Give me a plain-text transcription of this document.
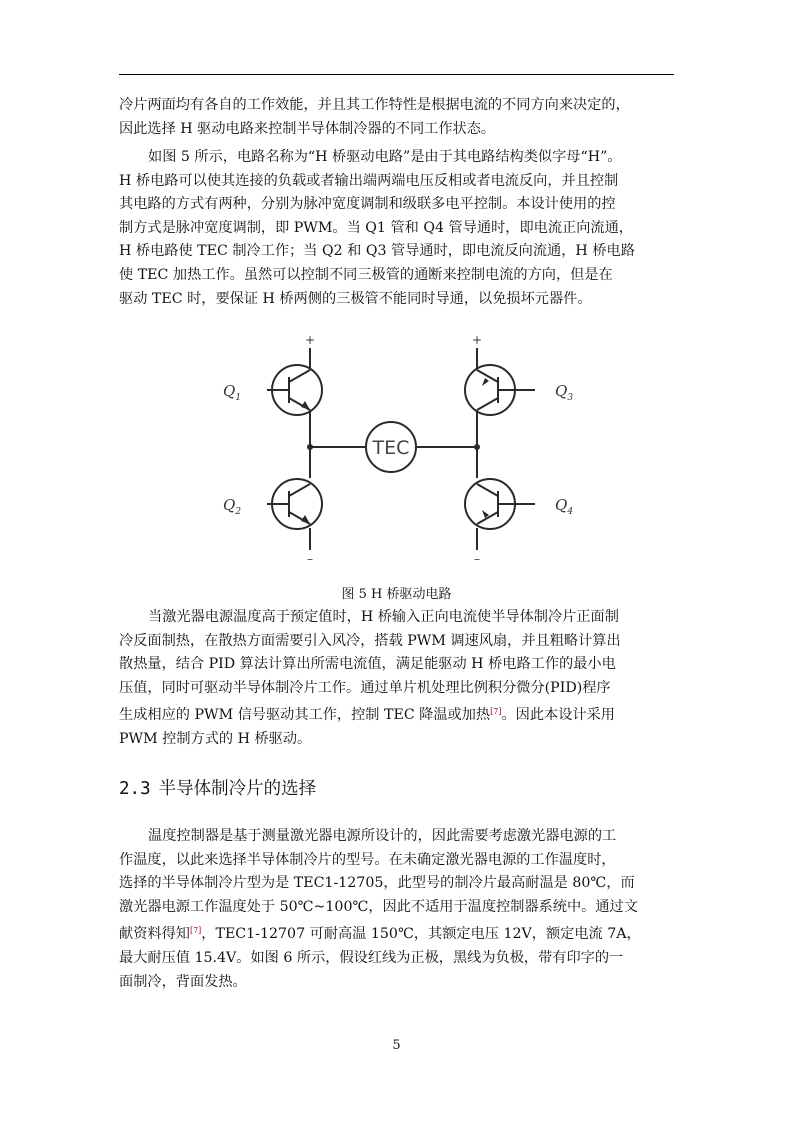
冷片两面均有各自的工作效能，并且其工作特性是根据电流的不同方向来决定的，
因此选择 H 驱动电路来控制半导体制冷器的不同工作状态。

如图 5 所示，电路名称为“H 桥驱动电路”是由于其电路结构类似字母“H”。
H 桥电路可以使其连接的负载或者输出端两端电压反相或者电流反向，并且控制
其电路的方式有两种，分别为脉冲宽度调制和级联多电平控制。本设计使用的控
制方式是脉冲宽度调制，即 PWM。当 Q1 管和 Q4 管导通时，即电流正向流通，
H 桥电路使 TEC 制冷工作；当 Q2 和 Q3 管导通时，即电流反向流通，H 桥电路
使 TEC 加热工作。虽然可以控制不同三极管的通断来控制电流的方向，但是在
驱动 TEC 时，要保证 H 桥两侧的三极管不能同时导通，以免损坏元器件。

TEC
+	+
–	–
$Q_1$
$Q_2$
$Q_3$
$Q_4$
图 5 H 桥驱动电路

当激光器电源温度高于预定值时，H 桥输入正向电流使半导体制冷片正面制
冷反面制热，在散热方面需要引入风冷，搭载 PWM 调速风扇，并且粗略计算出
散热量，结合 PID 算法计算出所需电流值，满足能驱动 H 桥电路工作的最小电
压值，同时可驱动半导体制冷片工作。通过单片机处理比例积分微分(PID)程序
生成相应的 PWM 信号驱动其工作，控制 TEC 降温或加热[7]。因此本设计采用
PWM 控制方式的 H 桥驱动。

2.3 半导体制冷片的选择

温度控制器是基于测量激光器电源所设计的，因此需要考虑激光器电源的工
作温度，以此来选择半导体制冷片的型号。在未确定激光器电源的工作温度时，
选择的半导体制冷片型为是 TEC1-12705，此型号的制冷片最高耐温是 80℃，而
激光器电源工作温度处于 50℃~100℃，因此不适用于温度控制器系统中。通过文
献资料得知[7]，TEC1-12707 可耐高温 150℃，其额定电压 12V，额定电流 7A，
最大耐压值 15.4V。如图 6 所示，假设红线为正极，黑线为负极，带有印字的一
面制冷，背面发热。

5
